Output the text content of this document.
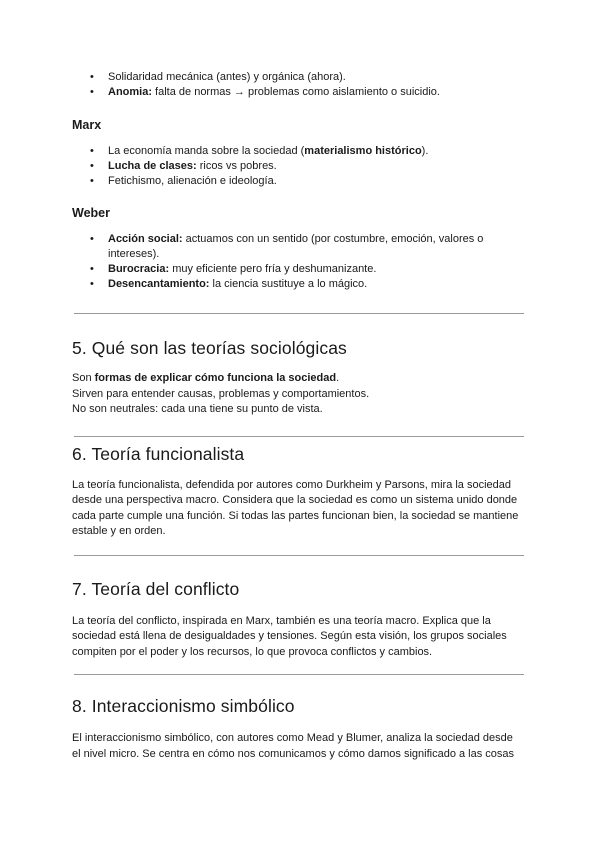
• Solidaridad mecánica (antes) y orgánica (ahora).
• Anomia: falta de normas → problemas como aislamiento o suicidio.
Marx
• La economía manda sobre la sociedad (materialismo histórico).
• Lucha de clases: ricos vs pobres.
• Fetichismo, alienación e ideología.
Weber
• Acción social: actuamos con un sentido (por costumbre, emoción, valores o intereses).
• Burocracia: muy eficiente pero fría y deshumanizante.
• Desencantamiento: la ciencia sustituye a lo mágico.
5. Qué son las teorías sociológicas

Son formas de explicar cómo funciona la sociedad.

Sirven para entender causas, problemas y comportamientos.

No son neutrales: cada una tiene su punto de vista.

6. Teoría funcionalista

La teoría funcionalista, defendida por autores como Durkheim y Parsons, mira la sociedad desde una perspectiva macro. Considera que la sociedad es como un sistema unido donde cada parte cumple una función. Si todas las partes funcionan bien, la sociedad se mantiene estable y en orden.

7. Teoría del conflicto

La teoría del conflicto, inspirada en Marx, también es una teoría macro. Explica que la sociedad está llena de desigualdades y tensiones. Según esta visión, los grupos sociales compiten por el poder y los recursos, lo que provoca conflictos y cambios.

8. Interaccionismo simbólico

El interaccionismo simbólico, con autores como Mead y Blumer, analiza la sociedad desde el nivel micro. Se centra en cómo nos comunicamos y cómo damos significado a las cosas
